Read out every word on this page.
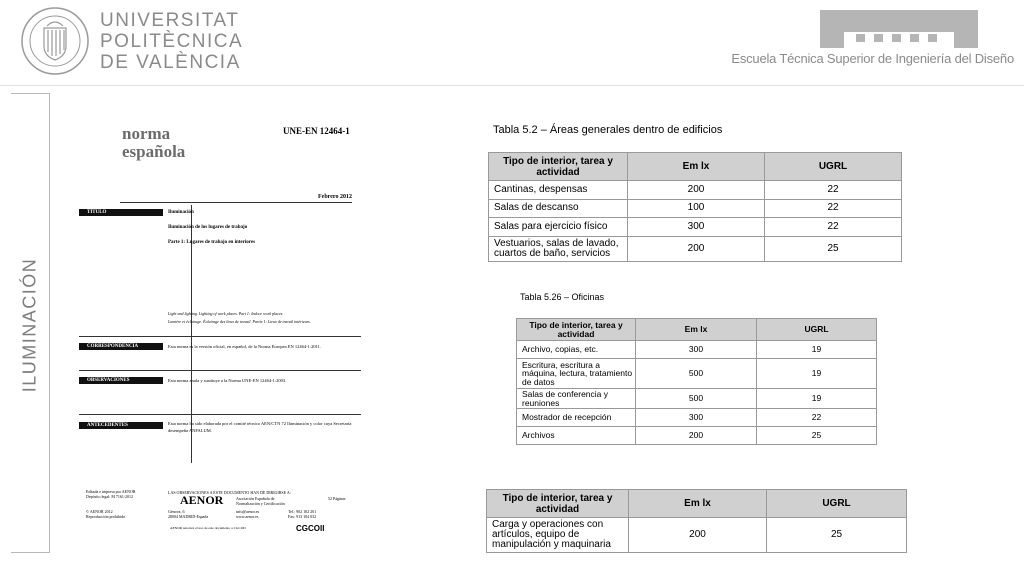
UNIVERSITAT
POLITÈCNICA
DE VALÈNCIA	Escuela Técnica Superior de Ingeniería del Diseño
ILUMINACIÓN
norma
española
UNE-EN 12464-1
Febrero 2012
TÍTULO	Iluminación
Iluminación de los lugares de trabajo
Parte 1: Lugares de trabajo en interiores
Light and lighting. Lighting of work places. Part 1: Indoor work places.
Lumière et éclairage. Éclairage des lieux de travail. Partie 1: Lieux de travail intérieurs.
CORRESPONDENCIA	Esta norma es la versión oficial, en español, de la Norma Europea EN 12464-1:2011.
OBSERVACIONES	Esta norma anula y sustituye a la Norma UNE-EN 12464-1:2003.
ANTECEDENTES	Esta norma ha sido elaborada por el comité técnico AEN/CTN 72 Iluminación y color cuya Secretaría desempeña ANFALUM.
Editada e impresa por AENOR
Depósito legal: M 7161:2012
LAS OBSERVACIONES A ESTE DOCUMENTO HAN DE DIRIGIRSE A:
AENOR	Asociación Española de Normalización y Certificación
52 Páginas
© AENOR 2012
Reproducción prohibida
Génova, 6
28004 MADRID-España
info@aenor.es
www.aenor.es
Tel.: 902 102 201
Fax: 913 104 032
AENOR autoriza el uso de este documento a CGCOII	CGCOII
Tabla 5.2 – Áreas generales dentro de edificios
Tipo de interior, tarea y actividad	Em lx	UGRL
Cantinas, despensas	200	22
Salas de descanso	100	22
Salas para ejercicio físico	300	22
Vestuarios, salas de lavado, cuartos de baño, servicios	200	25
Tabla 5.26 – Oficinas
Tipo de interior, tarea y actividad	Em lx	UGRL
Archivo, copias, etc.	300	19
Escritura, escritura a máquina, lectura, tratamiento de datos	500	19
Salas de conferencia y reuniones	500	19
Mostrador de recepción	300	22
Archivos	200	25
Tipo de interior, tarea y actividad	Em lx	UGRL
Carga y operaciones con artículos, equipo de manipulación y maquinaria	200	25
